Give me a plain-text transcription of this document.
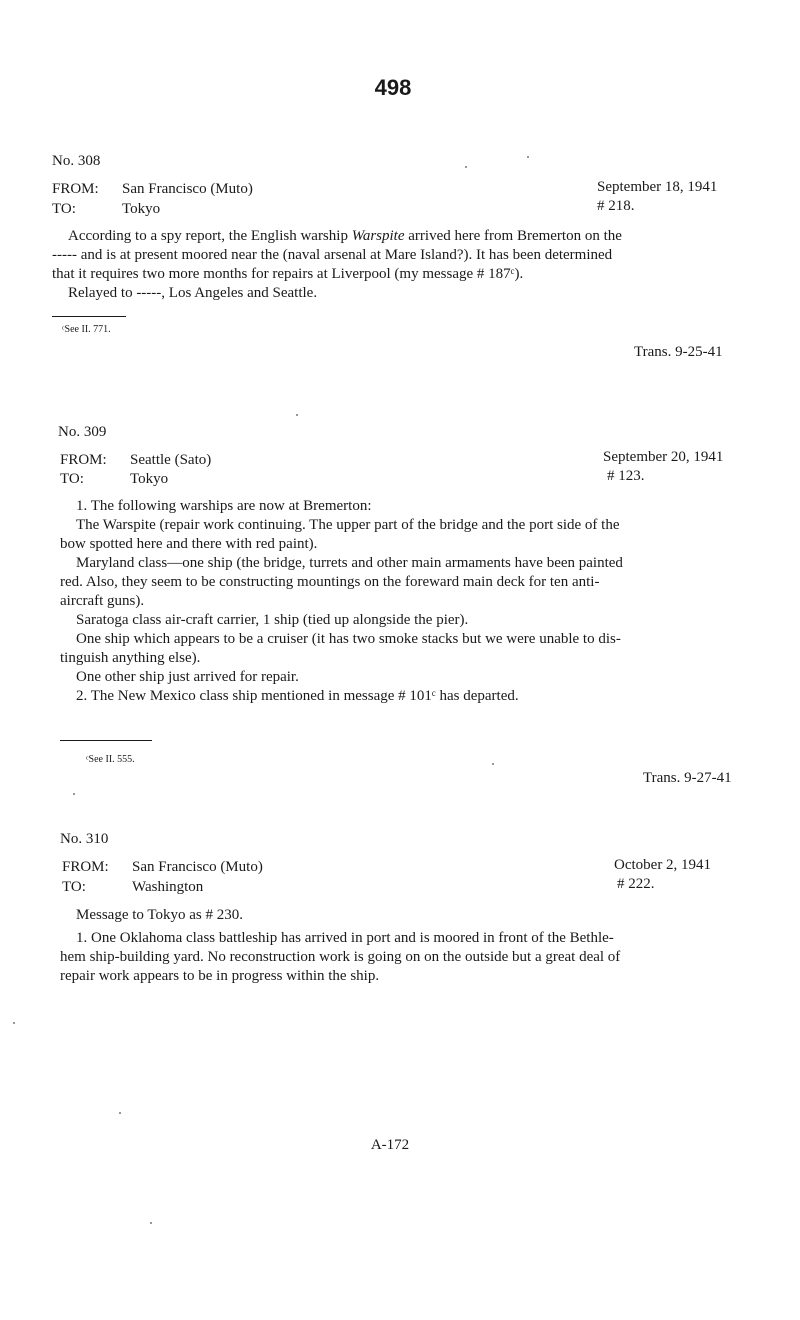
498
No. 308
FROM: San Francisco (Muto)
TO:	Tokyo
September 18, 1941
# 218.
According to a spy report, the English warship Warspite arrived here from Bremerton on the
----- and is at present moored near the (naval arsenal at Mare Island?). It has been determined
that it requires two more months for repairs at Liverpool (my message # 187ᶜ).
Relayed to -----, Los Angeles and Seattle.
ᶜSee II. 771.
Trans. 9-25-41
No. 309
FROM: Seattle (Sato)
TO:	Tokyo
September 20, 1941
# 123.
1. The following warships are now at Bremerton:
The Warspite (repair work continuing. The upper part of the bridge and the port side of the
bow spotted here and there with red paint).
Maryland class—one ship (the bridge, turrets and other main armaments have been painted
red. Also, they seem to be constructing mountings on the foreward main deck for ten anti-
aircraft guns).
Saratoga class air-craft carrier, 1 ship (tied up alongside the pier).
One ship which appears to be a cruiser (it has two smoke stacks but we were unable to dis-
tinguish anything else).
One other ship just arrived for repair.
2. The New Mexico class ship mentioned in message # 101ᶜ has departed.
ᶜSee II. 555.
Trans. 9-27-41
No. 310
FROM: San Francisco (Muto)
TO:	Washington
October 2, 1941
# 222.
Message to Tokyo as # 230.
1. One Oklahoma class battleship has arrived in port and is moored in front of the Bethle-
hem ship-building yard. No reconstruction work is going on on the outside but a great deal of
repair work appears to be in progress within the ship.
A-172
